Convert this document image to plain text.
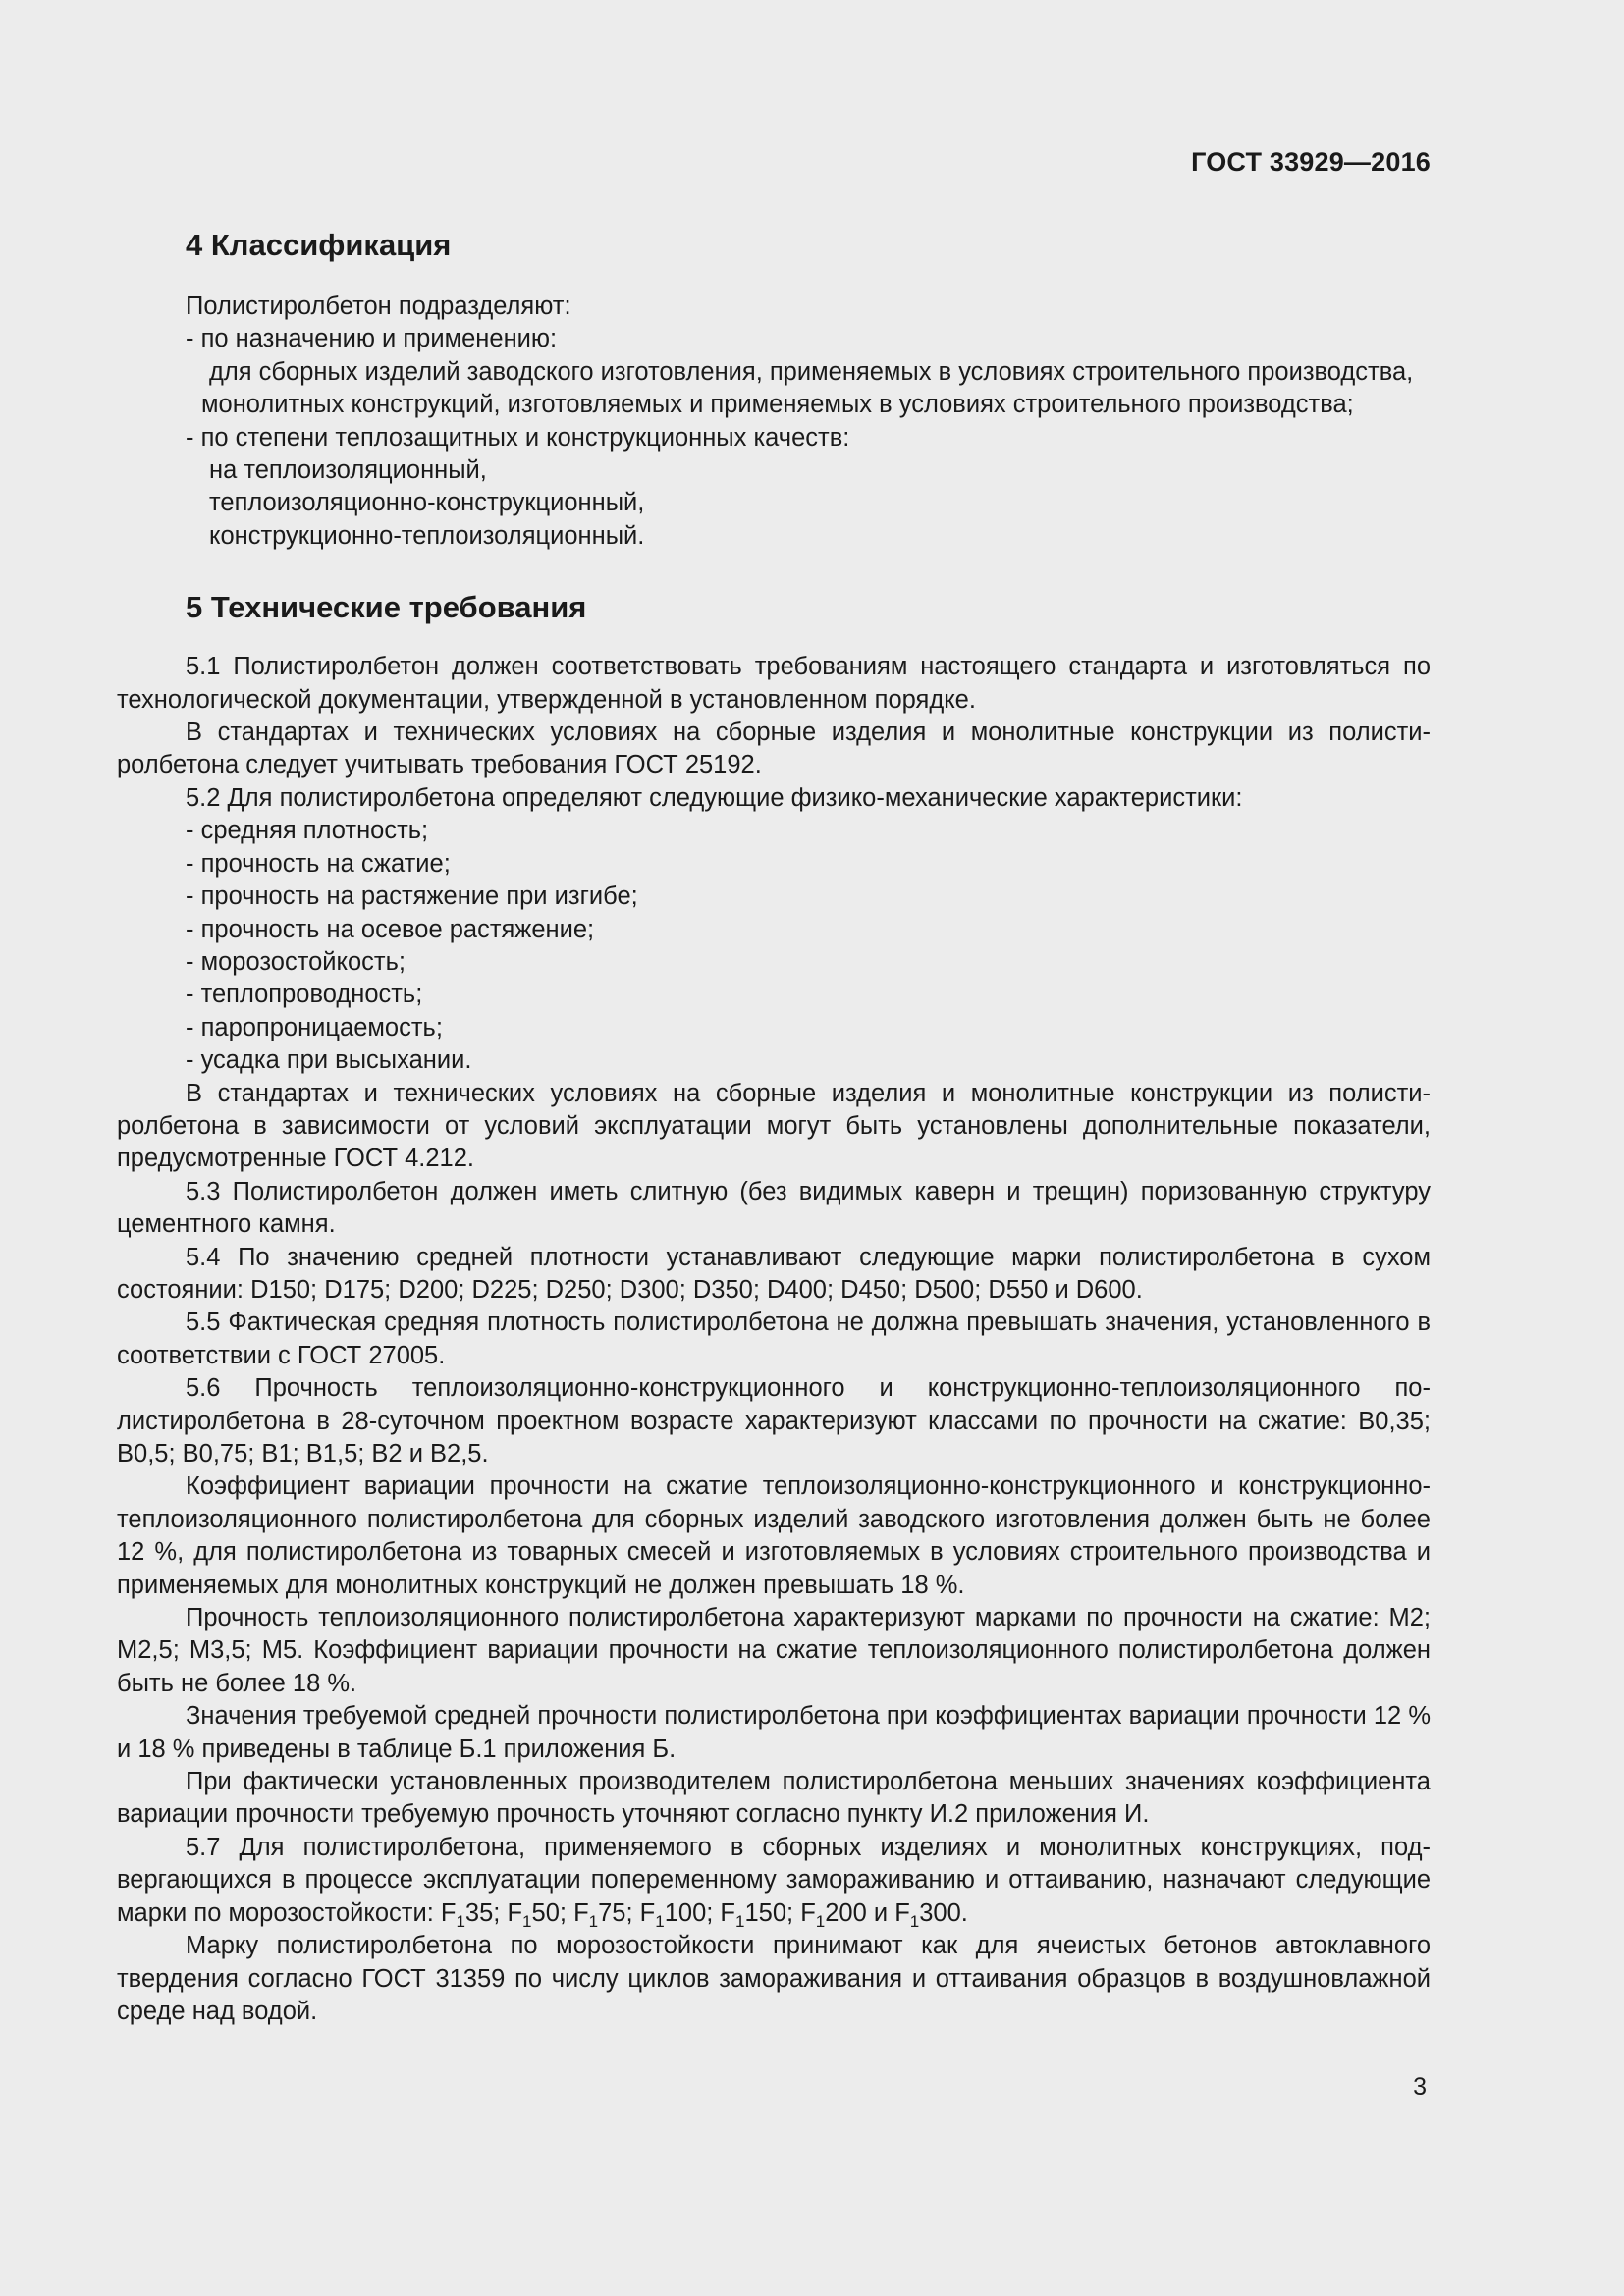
ГОСТ 33929—2016
4 Классификация

Полистиролбетон подразделяют:

- по назначению и применению:

для сборных изделий заводского изготовления, применяемых в условиях строительного производства,

монолитных конструкций, изготовляемых и применяемых в условиях строительного производства;

- по степени теплозащитных и конструкционных качеств:

на теплоизоляционный,

теплоизоляционно-конструкционный,

конструкционно-теплоизоляционный.

5 Технические требования

5.1 Полистиролбетон должен соответствовать требованиям настоящего стандарта и изготовляться по технологической документации, утвержденной в установленном порядке.

В стандартах и технических условиях на сборные изделия и монолитные конструкции из полистиролбетона следует учитывать требования ГОСТ 25192.

5.2 Для полистиролбетона определяют следующие физико-механические характеристики:

- средняя плотность;

- прочность на сжатие;

- прочность на растяжение при изгибе;

- прочность на осевое растяжение;

- морозостойкость;

- теплопроводность;

- паропроницаемость;

- усадка при высыхании.

В стандартах и технических условиях на сборные изделия и монолитные конструкции из полистиролбетона в зависимости от условий эксплуатации могут быть установлены дополнительные показатели, предусмотренные ГОСТ 4.212.

5.3 Полистиролбетон должен иметь слитную (без видимых каверн и трещин) поризованную структуру цементного камня.

5.4 По значению средней плотности устанавливают следующие марки полистиролбетона в сухом состоянии: D150; D175; D200; D225; D250; D300; D350; D400; D450; D500; D550 и D600.

5.5 Фактическая средняя плотность полистиролбетона не должна превышать значения, установленного в соответствии с ГОСТ 27005.

5.6 Прочность теплоизоляционно-конструкционного и конструкционно-теплоизоляционного полистиролбетона в 28-суточном проектном возрасте характеризуют классами по прочности на сжатие: B0,35; B0,5; B0,75; B1; B1,5; B2 и B2,5.

Коэффициент вариации прочности на сжатие теплоизоляционно-конструкционного и конструкционно-теплоизоляционного полистиролбетона для сборных изделий заводского изготовления должен быть не более 12 %, для полистиролбетона из товарных смесей и изготовляемых в условиях строительного производства и применяемых для монолитных конструкций не должен превышать 18 %.

Прочность теплоизоляционного полистиролбетона характеризуют марками по прочности на сжатие: M2; M2,5; M3,5; M5. Коэффициент вариации прочности на сжатие теплоизоляционного полистиролбетона должен быть не более 18 %.

Значения требуемой средней прочности полистиролбетона при коэффициентах вариации прочности 12 % и 18 % приведены в таблице Б.1 приложения Б.

При фактически установленных производителем полистиролбетона меньших значениях коэффициента вариации прочности требуемую прочность уточняют согласно пункту И.2 приложения И.

5.7 Для полистиролбетона, применяемого в сборных изделиях и монолитных конструкциях, подвергающихся в процессе эксплуатации попеременному замораживанию и оттаиванию, назначают следующие марки по морозостойкости: $F_135$; $F_150$; $F_175$; $F_1100$; $F_1150$; $F_1200$ и $F_1300$.

Марку полистиролбетона по морозостойкости принимают как для ячеистых бетонов автоклавного твердения согласно ГОСТ 31359 по числу циклов замораживания и оттаивания образцов в воздушновлажной среде над водой.

3
